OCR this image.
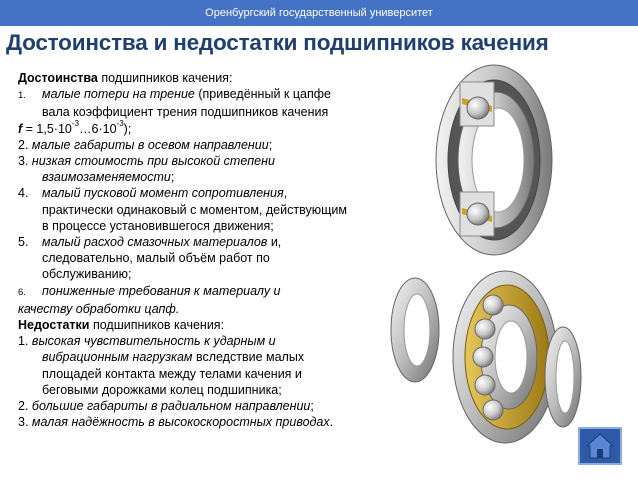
Оренбургский государственный университет
Достоинства и недостатки подшипников качения

Достоинства подшипников качения:

1. малые потери на трение (приведённый к цапфе

вала коэффициент трения подшипников качения

$f = 1,5\cdot 10^{-3}\dots 6\cdot 10^{-3}$);

2. малые габариты в осевом направлении;

3. низкая стоимость при высокой степени

взаимозаменяемости;

4. малый пусковой момент сопротивления,

практически одинаковый с моментом, действующим

в процессе установившегося движения;

5. малый расход смазочных материалов и,

следовательно, малый объём работ по

обслуживанию;

6. пониженные требования к материалу и

качеству обработки цапф.

Недостатки подшипников качения:

1. высокая чувствительность к ударным и

вибрационным нагрузкам вследствие малых

площадей контакта между телами качения и

беговыми дорожками колец подшипника;

2. большие габариты в радиальном направлении;

3. малая надёжность в высокоскоростных приводах.
